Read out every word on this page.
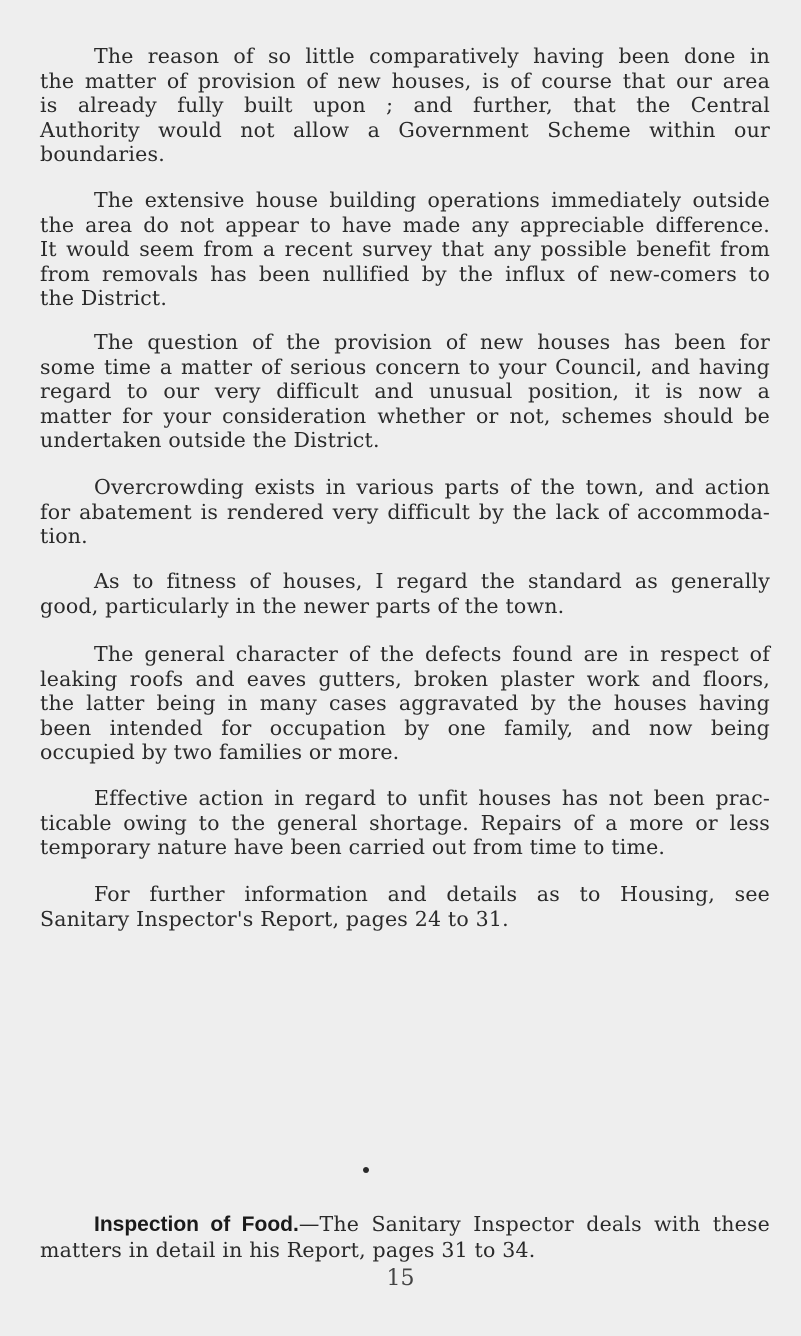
The reason of so little comparatively having been done in
the matter of provision of new houses, is of course that our area
is already fully built upon ; and further, that the Central
Authority would not allow a Government Scheme within our
boundaries.

The extensive house building operations immediately outside
the area do not appear to have made any appreciable difference.
It would seem from a recent survey that any possible benefit from
from removals has been nullified by the influx of new-comers to
the District.

The question of the provision of new houses has been for
some time a matter of serious concern to your Council, and having
regard to our very difficult and unusual position, it is now a
matter for your consideration whether or not, schemes should be
undertaken outside the District.

Overcrowding exists in various parts of the town, and action
for abatement is rendered very difficult by the lack of accommoda-
tion.

As to fitness of houses, I regard the standard as generally
good, particularly in the newer parts of the town.

The general character of the defects found are in respect of
leaking roofs and eaves gutters, broken plaster work and floors,
the latter being in many cases aggravated by the houses having
been intended for occupation by one family, and now being
occupied by two families or more.

Effective action in regard to unfit houses has not been prac-
ticable owing to the general shortage. Repairs of a more or less
temporary nature have been carried out from time to time.

For further information and details as to Housing, see
Sanitary Inspector's Report, pages 24 to 31.

Inspection of Food.—The Sanitary Inspector deals with these
matters in detail in his Report, pages 31 to 34.

15
